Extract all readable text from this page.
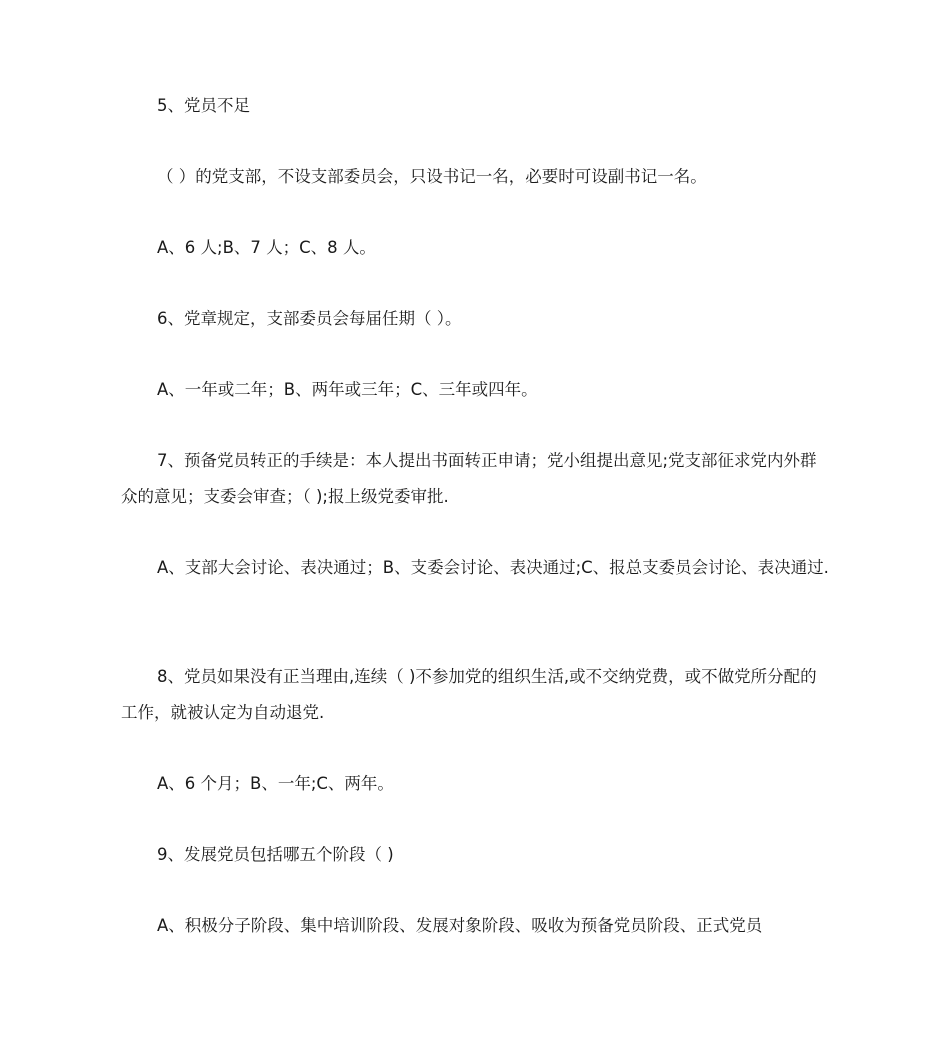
5、党员不足

（ ）的党支部，不设支部委员会，只设书记一名，必要时可设副书记一名。

A、6 人;B、7 人；C、8 人。

6、党章规定，支部委员会每届任期（ ）。

A、一年或二年；B、两年或三年；C、三年或四年。

7、预备党员转正的手续是：本人提出书面转正申请；党小组提出意见;党支部征求党内外群众的意见；支委会审查；（ );报上级党委审批.

A、支部大会讨论、表决通过；B、支委会讨论、表决通过;C、报总支委员会讨论、表决通过.

8、党员如果没有正当理由,连续（ )不参加党的组织生活,或不交纳党费，或不做党所分配的工作，就被认定为自动退党.

A、6 个月；B、一年;C、两年。

9、发展党员包括哪五个阶段（ )

A、积极分子阶段、集中培训阶段、发展对象阶段、吸收为预备党员阶段、正式党员
